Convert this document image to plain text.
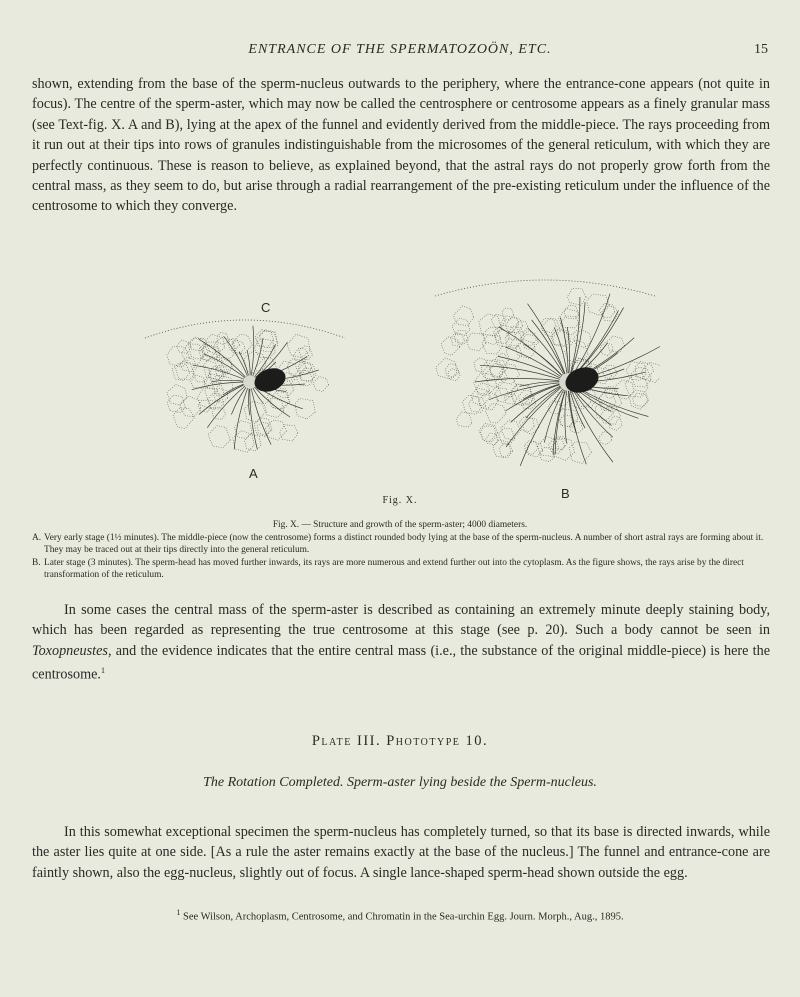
ENTRANCE OF THE SPERMATOZOÖN, ETC.	15

shown, extending from the base of the sperm-nucleus outwards to the periphery, where the entrance-cone appears (not quite in focus). The centre of the sperm-aster, which may now be called the centrosphere or centrosome appears as a finely granular mass (see Text-fig. X. A and B), lying at the apex of the funnel and evidently derived from the middle-piece. The rays proceeding from it run out at their tips into rows of granules indistinguishable from the microsomes of the general reticulum, with which they are perfectly continuous. These is reason to believe, as explained beyond, that the astral rays do not properly grow forth from the central mass, as they seem to do, but arise through a radial rearrangement of the pre-existing reticulum under the influence of the centrosome to which they converge.

C
A
B
Fig. X.
Fig. X. — Structure and growth of the sperm-aster; 4000 diameters.
A. Very early stage (1½ minutes). The middle-piece (now the centrosome) forms a distinct rounded body lying at the base of the sperm-nucleus. A number of short astral rays are forming about it. They may be traced out at their tips directly into the general reticulum.
B. Later stage (3 minutes). The sperm-head has moved further inwards, its rays are more numerous and extend further out into the cytoplasm. As the figure shows, the rays arise by the direct transformation of the reticulum.

In some cases the central mass of the sperm-aster is described as containing an extremely minute deeply staining body, which has been regarded as representing the true centrosome at this stage (see p. 20). Such a body cannot be seen in Toxopneustes, and the evidence indicates that the entire central mass (i.e., the substance of the original middle-piece) is here the centrosome.$^1$

Plate III. Phototype 10.
The Rotation Completed. Sperm-aster lying beside the Sperm-nucleus.

In this somewhat exceptional specimen the sperm-nucleus has completely turned, so that its base is directed inwards, while the aster lies quite at one side. [As a rule the aster remains exactly at the base of the nucleus.] The funnel and entrance-cone are faintly shown, also the egg-nucleus, slightly out of focus. A single lance-shaped sperm-head shown outside the egg.

$^1$ See Wilson, Archoplasm, Centrosome, and Chromatin in the Sea-urchin Egg. Journ. Morph., Aug., 1895.
